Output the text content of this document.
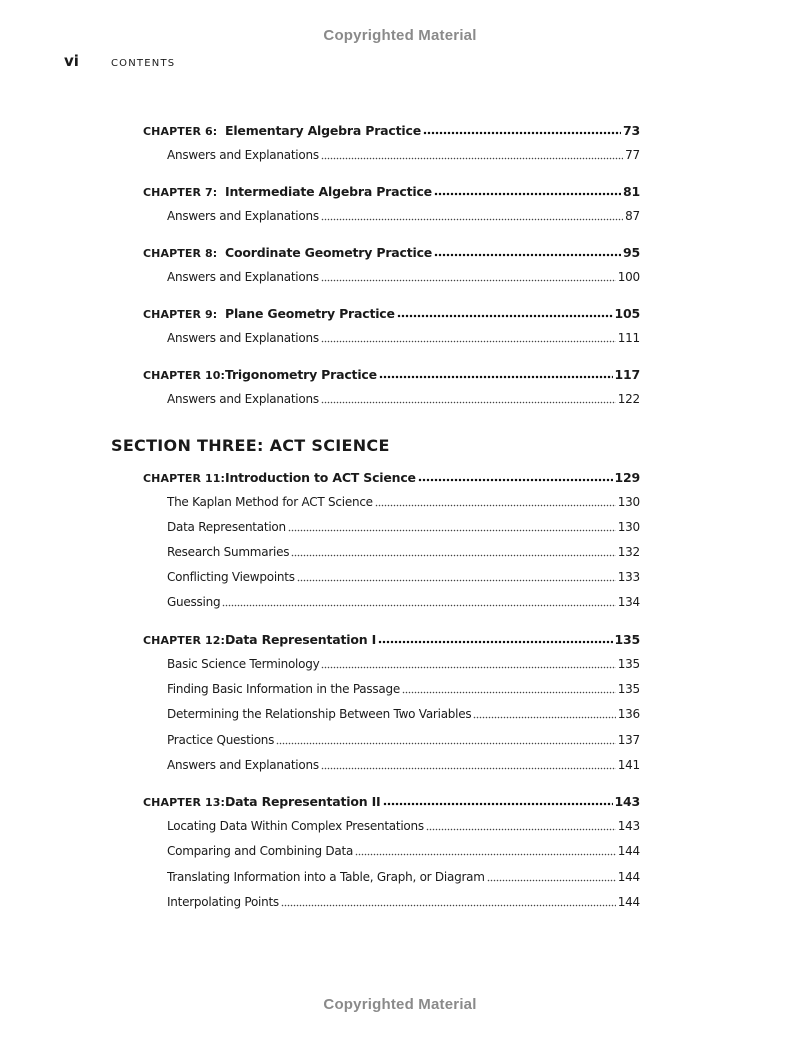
Copyrighted Material
vi	CONTENTS
CHAPTER 6: Elementary Algebra Practice	73
Answers and Explanations	77
CHAPTER 7: Intermediate Algebra Practice	81
Answers and Explanations	87
CHAPTER 8: Coordinate Geometry Practice	95
Answers and Explanations	100
CHAPTER 9: Plane Geometry Practice	105
Answers and Explanations	111
CHAPTER 10: Trigonometry Practice	117
Answers and Explanations	122
SECTION THREE: ACT SCIENCE
CHAPTER 11: Introduction to ACT Science	129
The Kaplan Method for ACT Science	130
Data Representation	130
Research Summaries	132
Conflicting Viewpoints	133
Guessing	134
CHAPTER 12: Data Representation I	135
Basic Science Terminology	135
Finding Basic Information in the Passage	135
Determining the Relationship Between Two Variables	136
Practice Questions	137
Answers and Explanations	141
CHAPTER 13: Data Representation II	143
Locating Data Within Complex Presentations	143
Comparing and Combining Data	144
Translating Information into a Table, Graph, or Diagram	144
Interpolating Points	144
Copyrighted Material
